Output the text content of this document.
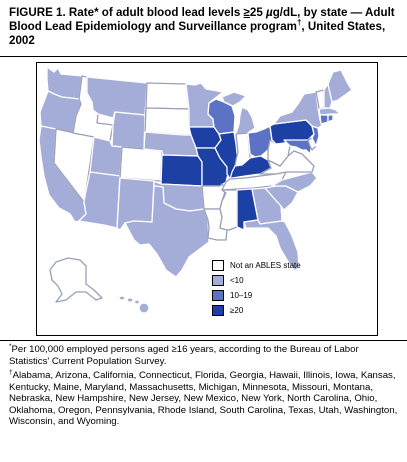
FIGURE 1. Rate* of adult blood lead levels ≥25 µg/dL, by state — Adult Blood Lead Epidemiology and Surveillance program†, United States, 2002
Not an ABLES state
<10
10–19
≥20
*Per 100,000 employed persons aged ≥16 years, according to the Bureau of Labor Statistics' Current Population Survey.
†Alabama, Arizona, California, Connecticut, Florida, Georgia, Hawaii, Illinois, Iowa, Kansas, Kentucky, Maine, Maryland, Massachusetts, Michigan, Minnesota, Missouri, Montana, Nebraska, New Hampshire, New Jersey, New Mexico, New York, North Carolina, Ohio, Oklahoma, Oregon, Pennsylvania, Rhode Island, South Carolina, Texas, Utah, Washington, Wisconsin, and Wyoming.
